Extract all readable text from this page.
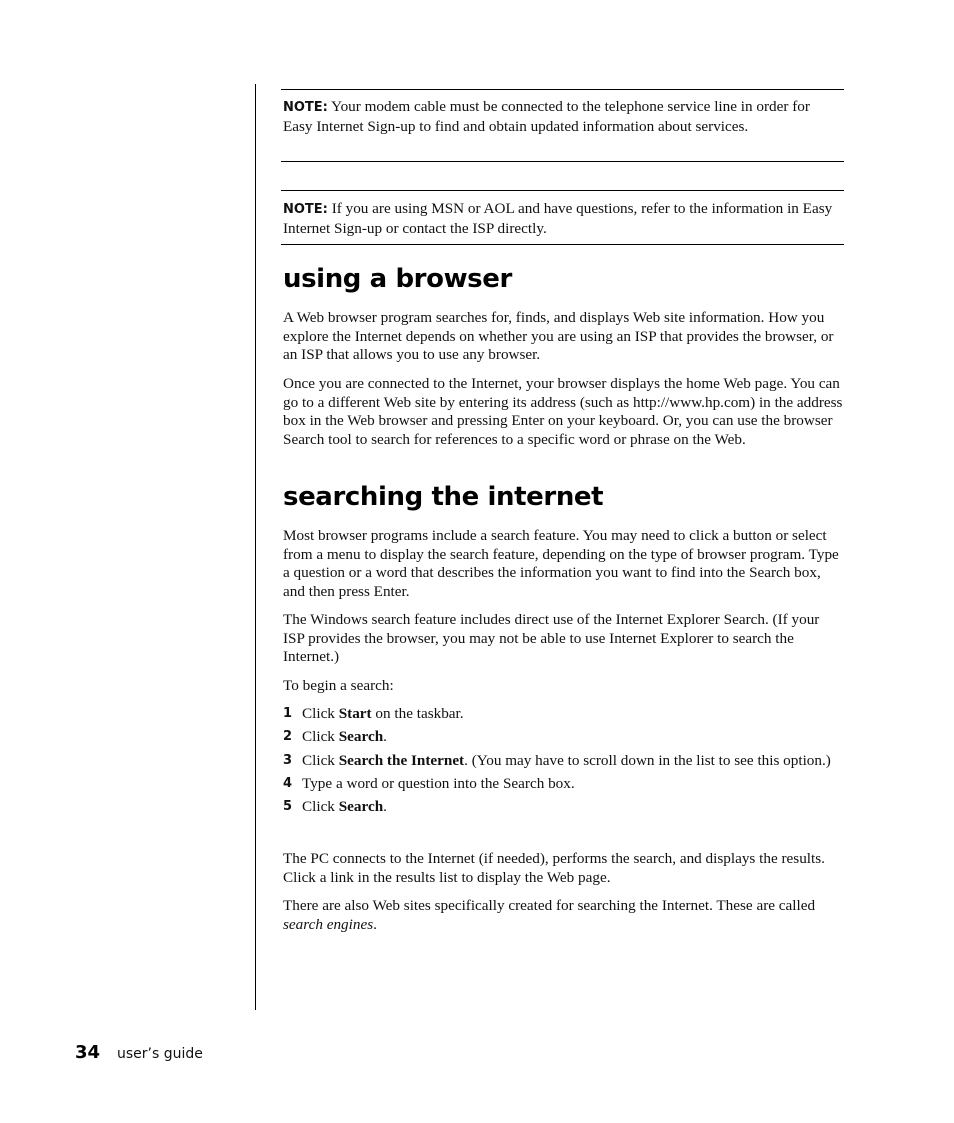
NOTE: Your modem cable must be connected to the telephone service line in order for Easy Internet Sign-up to find and obtain updated information about services.

NOTE: If you are using MSN or AOL and have questions, refer to the information in Easy Internet Sign-up or contact the ISP directly.

using a browser

A Web browser program searches for, finds, and displays Web site information. How you explore the Internet depends on whether you are using an ISP that provides the browser, or an ISP that allows you to use any browser.

Once you are connected to the Internet, your browser displays the home Web page. You can go to a different Web site by entering its address (such as http://www.hp.com) in the address box in the Web browser and pressing Enter on your keyboard. Or, you can use the browser Search tool to search for references to a specific word or phrase on the Web.

searching the internet

Most browser programs include a search feature. You may need to click a button or select from a menu to display the search feature, depending on the type of browser program. Type a question or a word that describes the information you want to find into the Search box, and then press Enter.

The Windows search feature includes direct use of the Internet Explorer Search. (If your ISP provides the browser, you may not be able to use Internet Explorer to search the Internet.)

To begin a search:

1 Click Start on the taskbar.
2 Click Search.
3 Click Search the Internet. (You may have to scroll down in the list to see this option.)
4 Type a word or question into the Search box.
5 Click Search.

The PC connects to the Internet (if needed), performs the search, and displays the results. Click a link in the results list to display the Web page.

There are also Web sites specifically created for searching the Internet. These are called search engines.

34 user’s guide
